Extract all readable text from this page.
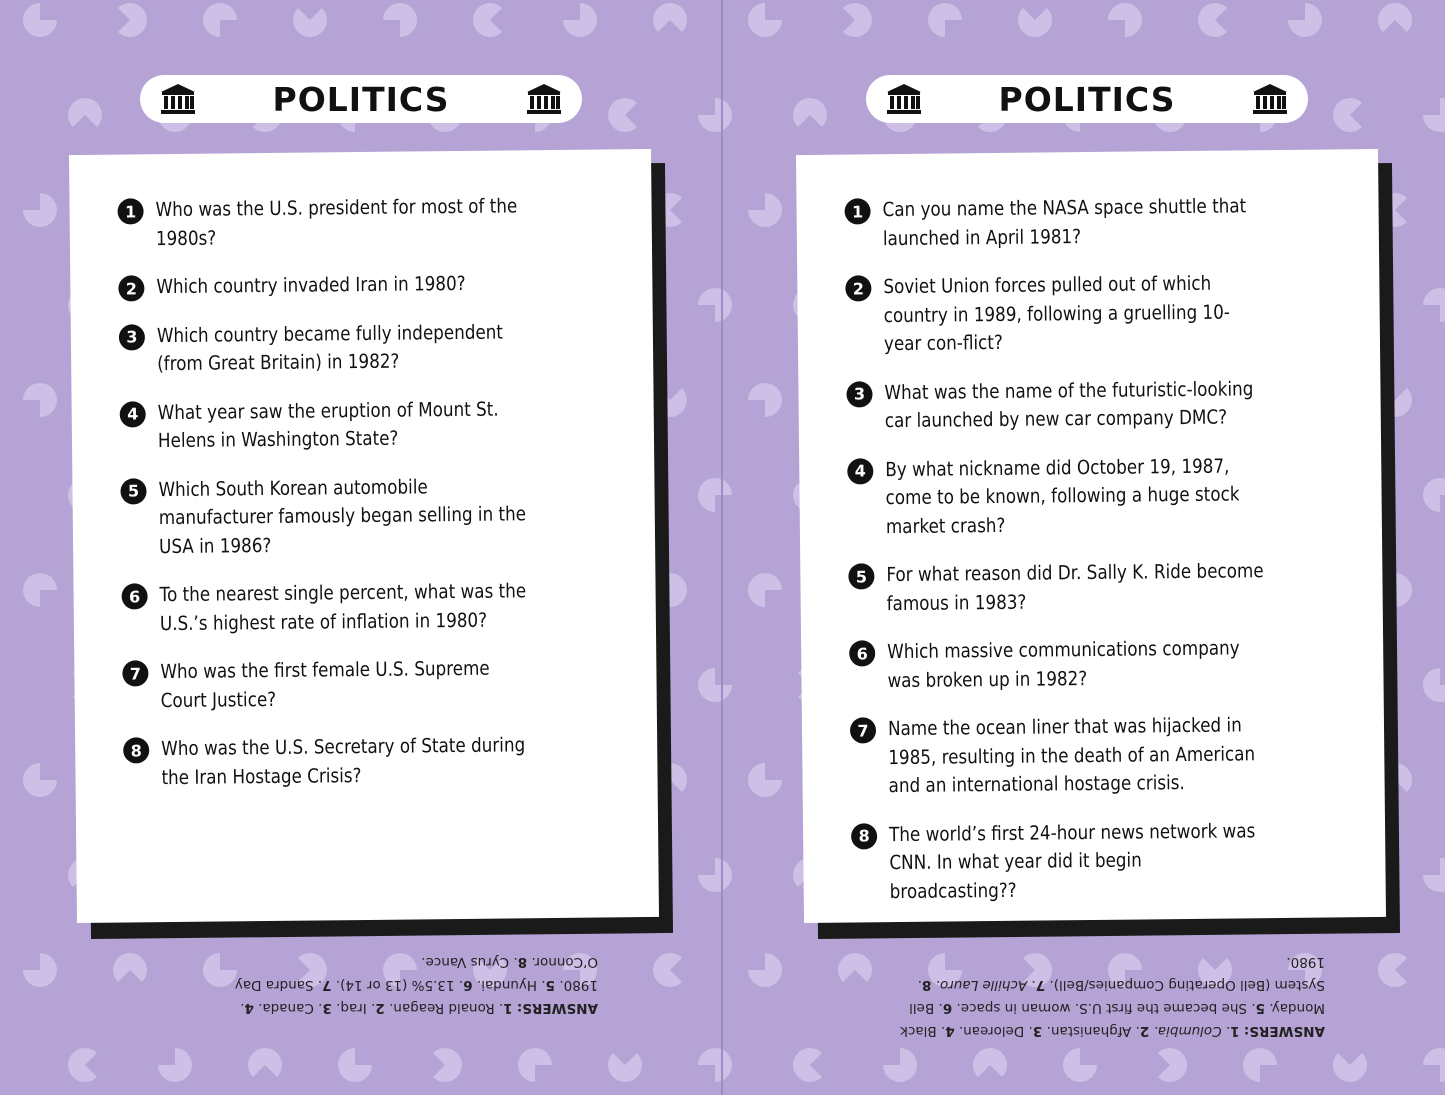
POLITICS
1 Who was the U.S. president for most of the 1980s?
2 Which country invaded Iran in 1980?
3 Which country became fully independent (from Great Britain) in 1982?
4 What year saw the eruption of Mount St. Helens in Washington State?
5 Which South Korean automobile manufacturer famously began selling in the USA in 1986?
6 To the nearest single percent, what was the U.S.’s highest rate of inflation in 1980?
7 Who was the first female U.S. Supreme Court Justice?
8 Who was the U.S. Secretary of State during the Iran Hostage Crisis?
ANSWERS: 1. Ronald Reagan. 2. Iraq. 3. Canada. 4. 1980. 5. Hyundai. 6. 13.5% (13 or 14). 7. Sandra Day O’Connor. 8. Cyrus Vance.
POLITICS
1 Can you name the NASA space shuttle that launched in April 1981?
2 Soviet Union forces pulled out of which country in 1989, following a gruelling 10-year con-flict?
3 What was the name of the futuristic-looking car launched by new car company DMC?
4 By what nickname did October 19, 1987, come to be known, following a huge stock market crash?
5 For what reason did Dr. Sally K. Ride become famous in 1983?
6 Which massive communications company was broken up in 1982?
7 Name the ocean liner that was hijacked in 1985, resulting in the death of an American and an international hostage crisis.
8 The world’s first 24-hour news network was CNN. In what year did it begin broadcasting??
ANSWERS: 1. Columbia. 2. Afghanistan. 3. Delorean. 4. Black Monday. 5. She became the first U.S. woman in space. 6. Bell System (Bell Operating Companies/Bell). 7. Achille Lauro. 8. 1980.
